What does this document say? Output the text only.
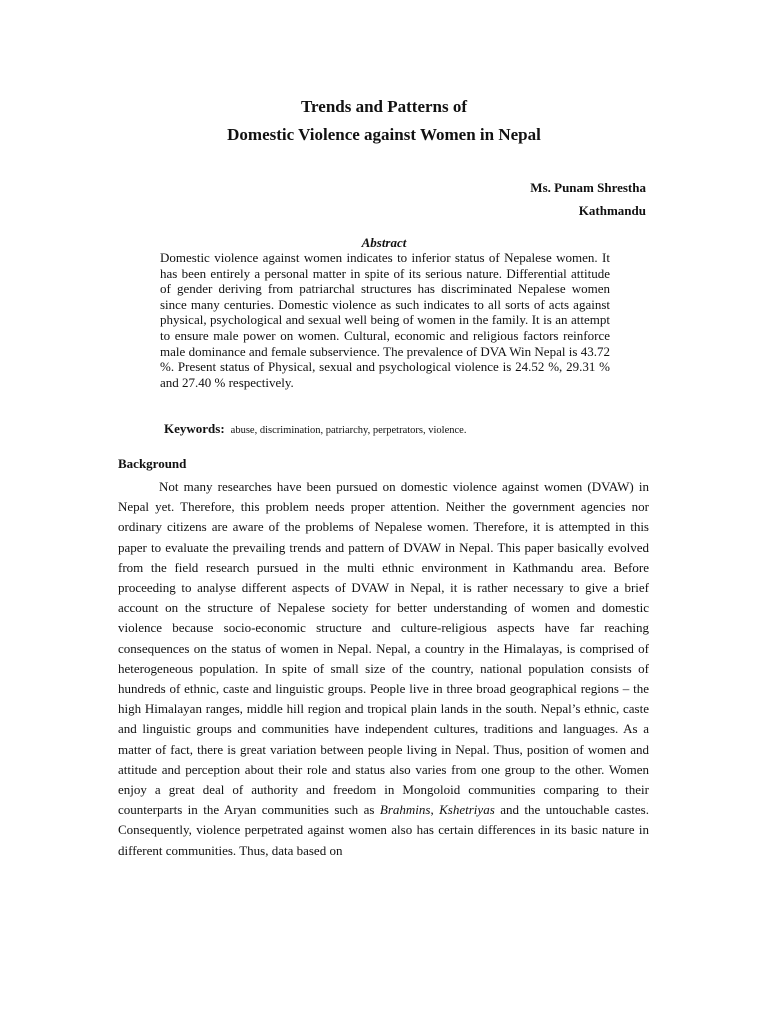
Trends and Patterns of
Domestic Violence against Women in Nepal
Ms. Punam Shrestha
Kathmandu
Abstract

Domestic violence against women indicates to inferior status of Nepalese women. It has been entirely a personal matter in spite of its serious nature. Differential attitude of gender deriving from patriarchal structures has discriminated Nepalese women since many centuries. Domestic violence as such indicates to all sorts of acts against physical, psychological and sexual well being of women in the family. It is an attempt to ensure male power on women. Cultural, economic and religious factors reinforce male dominance and female subservience. The prevalence of DVA Win Nepal is 43.72 %. Present status of Physical, sexual and psychological violence is 24.52 %, 29.31 % and 27.40 % respectively.

Keywords: abuse, discrimination, patriarchy, perpetrators, violence.
Background

Not many researches have been pursued on domestic violence against women (DVAW) in Nepal yet. Therefore, this problem needs proper attention. Neither the government agencies nor ordinary citizens are aware of the problems of Nepalese women. Therefore, it is attempted in this paper to evaluate the prevailing trends and pattern of DVAW in Nepal. This paper basically evolved from the field research pursued in the multi ethnic environment in Kathmandu area. Before proceeding to analyse different aspects of DVAW in Nepal, it is rather necessary to give a brief account on the structure of Nepalese society for better understanding of women and domestic violence because socio-economic structure and culture-religious aspects have far reaching consequences on the status of women in Nepal. Nepal, a country in the Himalayas, is comprised of heterogeneous population. In spite of small size of the country, national population consists of hundreds of ethnic, caste and linguistic groups. People live in three broad geographical regions – the high Himalayan ranges, middle hill region and tropical plain lands in the south. Nepal’s ethnic, caste and linguistic groups and communities have independent cultures, traditions and languages. As a matter of fact, there is great variation between people living in Nepal. Thus, position of women and attitude and perception about their role and status also varies from one group to the other. Women enjoy a great deal of authority and freedom in Mongoloid communities comparing to their counterparts in the Aryan communities such as Brahmins, Kshetriyas and the untouchable castes. Consequently, violence perpetrated against women also has certain differences in its basic nature in different communities. Thus, data based on
